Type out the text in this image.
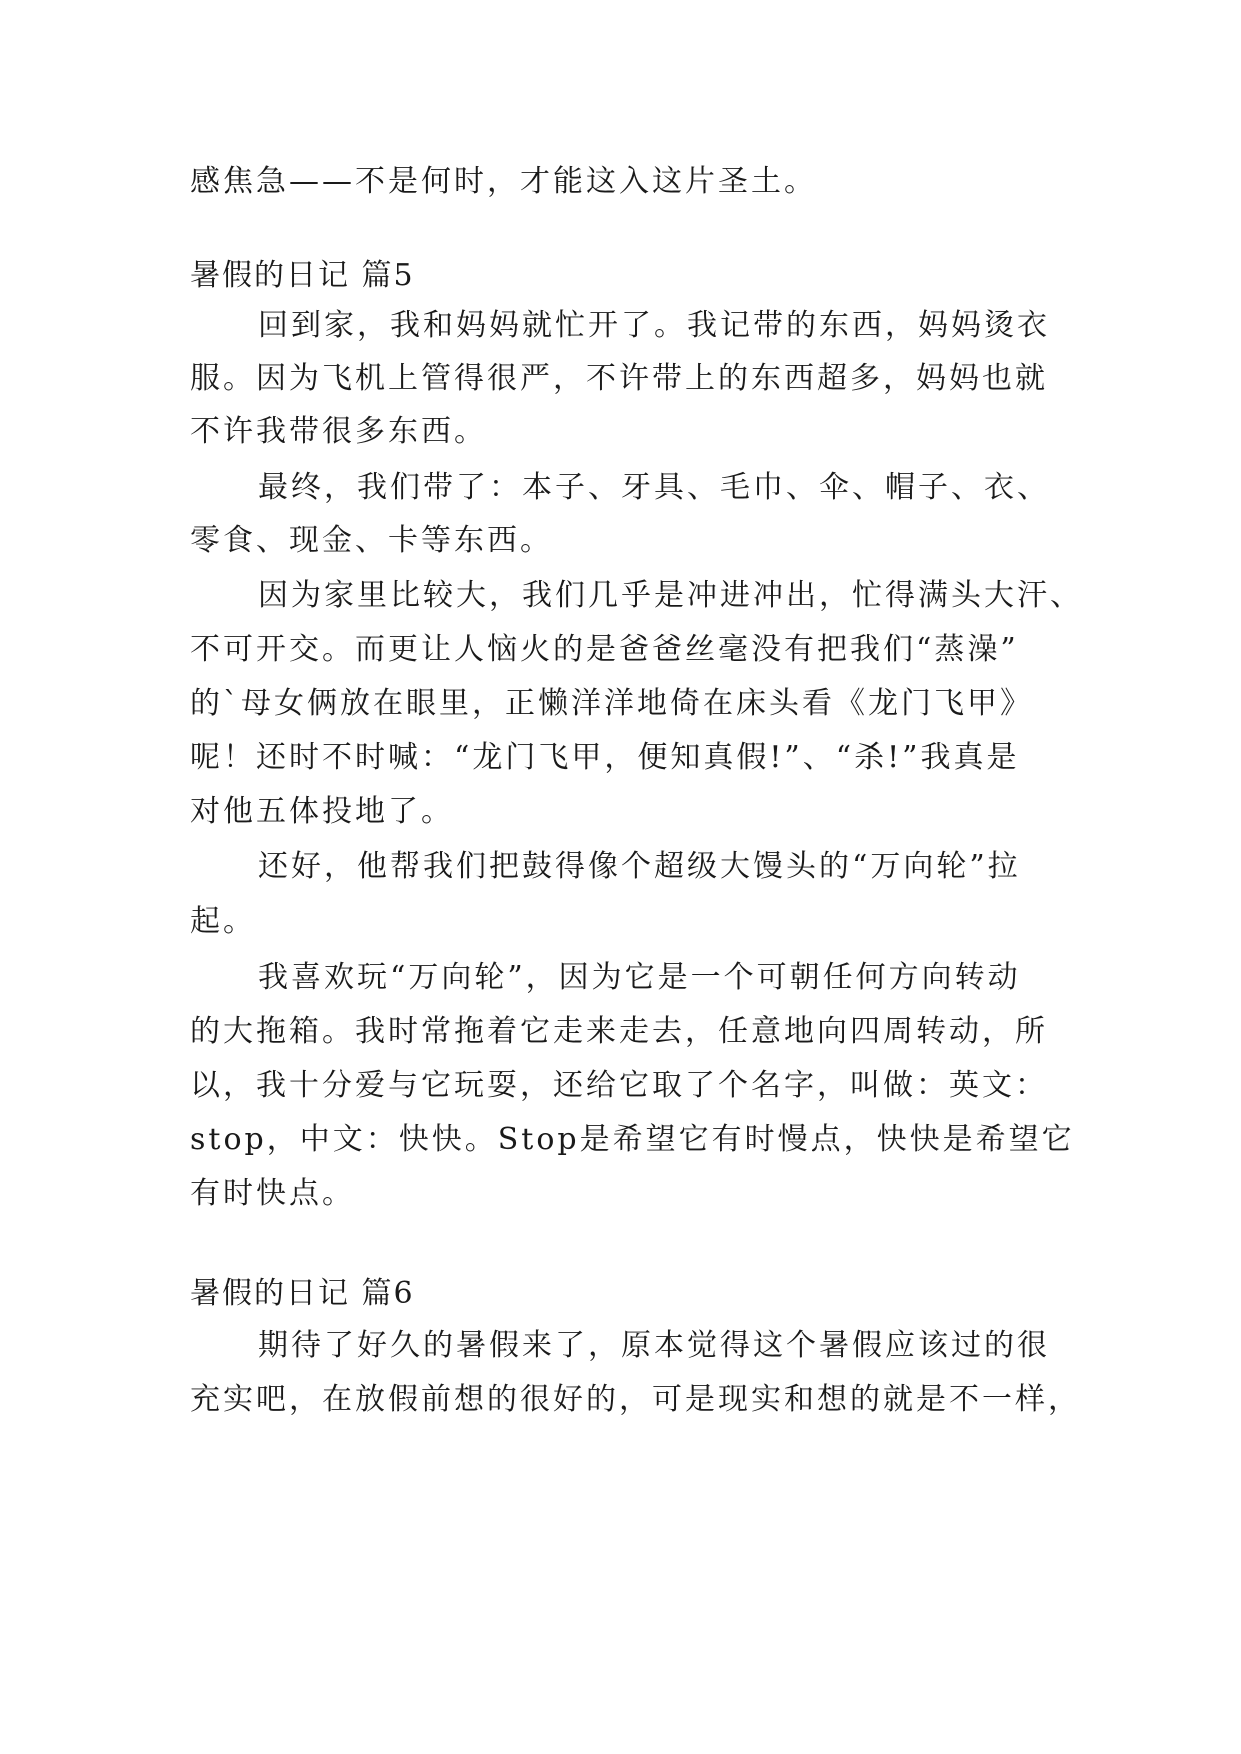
感焦急——不是何时，才能这入这片圣土。
暑假的日记 篇5
回到家，我和妈妈就忙开了。我记带的东西，妈妈烫衣
服。因为飞机上管得很严，不许带上的东西超多，妈妈也就
不许我带很多东西。
最终，我们带了：本子、牙具、毛巾、伞、帽子、衣、
零食、现金、卡等东西。
因为家里比较大，我们几乎是冲进冲出，忙得满头大汗、
不可开交。而更让人恼火的是爸爸丝毫没有把我们“蒸澡”
的`母女俩放在眼里，正懒洋洋地倚在床头看《龙门飞甲》
呢！还时不时喊：“龙门飞甲，便知真假!”、“杀!”我真是
对他五体投地了。
还好，他帮我们把鼓得像个超级大馒头的“万向轮”拉
起。
我喜欢玩“万向轮”，因为它是一个可朝任何方向转动
的大拖箱。我时常拖着它走来走去，任意地向四周转动，所
以，我十分爱与它玩耍，还给它取了个名字，叫做：英文：
stop，中文：快快。Stop是希望它有时慢点，快快是希望它
有时快点。
暑假的日记 篇6
期待了好久的暑假来了，原本觉得这个暑假应该过的很
充实吧，在放假前想的很好的，可是现实和想的就是不一样，
